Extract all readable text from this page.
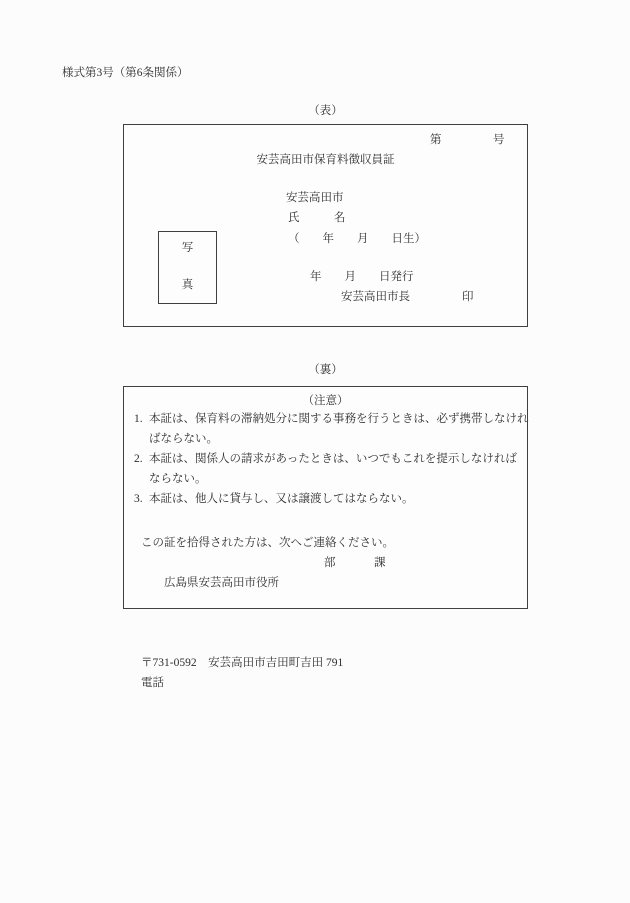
様式第3号（第6条関係）
（表）
第	号
安芸高田市保育料徴収員証
安芸高田市
氏　　　名
（　　年　　月　　日生）
写
真
年　　月　　日発行
安芸高田市長	印
（裏）
（注意）
1. 本証は、保育料の滞納処分に関する事務を行うときは、必ず携帯しなけれ
ばならない。
2. 本証は、関係人の請求があったときは、いつでもこれを提示しなければ
ならない。
3. 本証は、他人に貸与し、又は譲渡してはならない。
この証を拾得された方は、次へご連絡ください。

広島県安芸高田市役所

部

	課

〒731-0592　安芸高田市吉田町吉田 791
電話
